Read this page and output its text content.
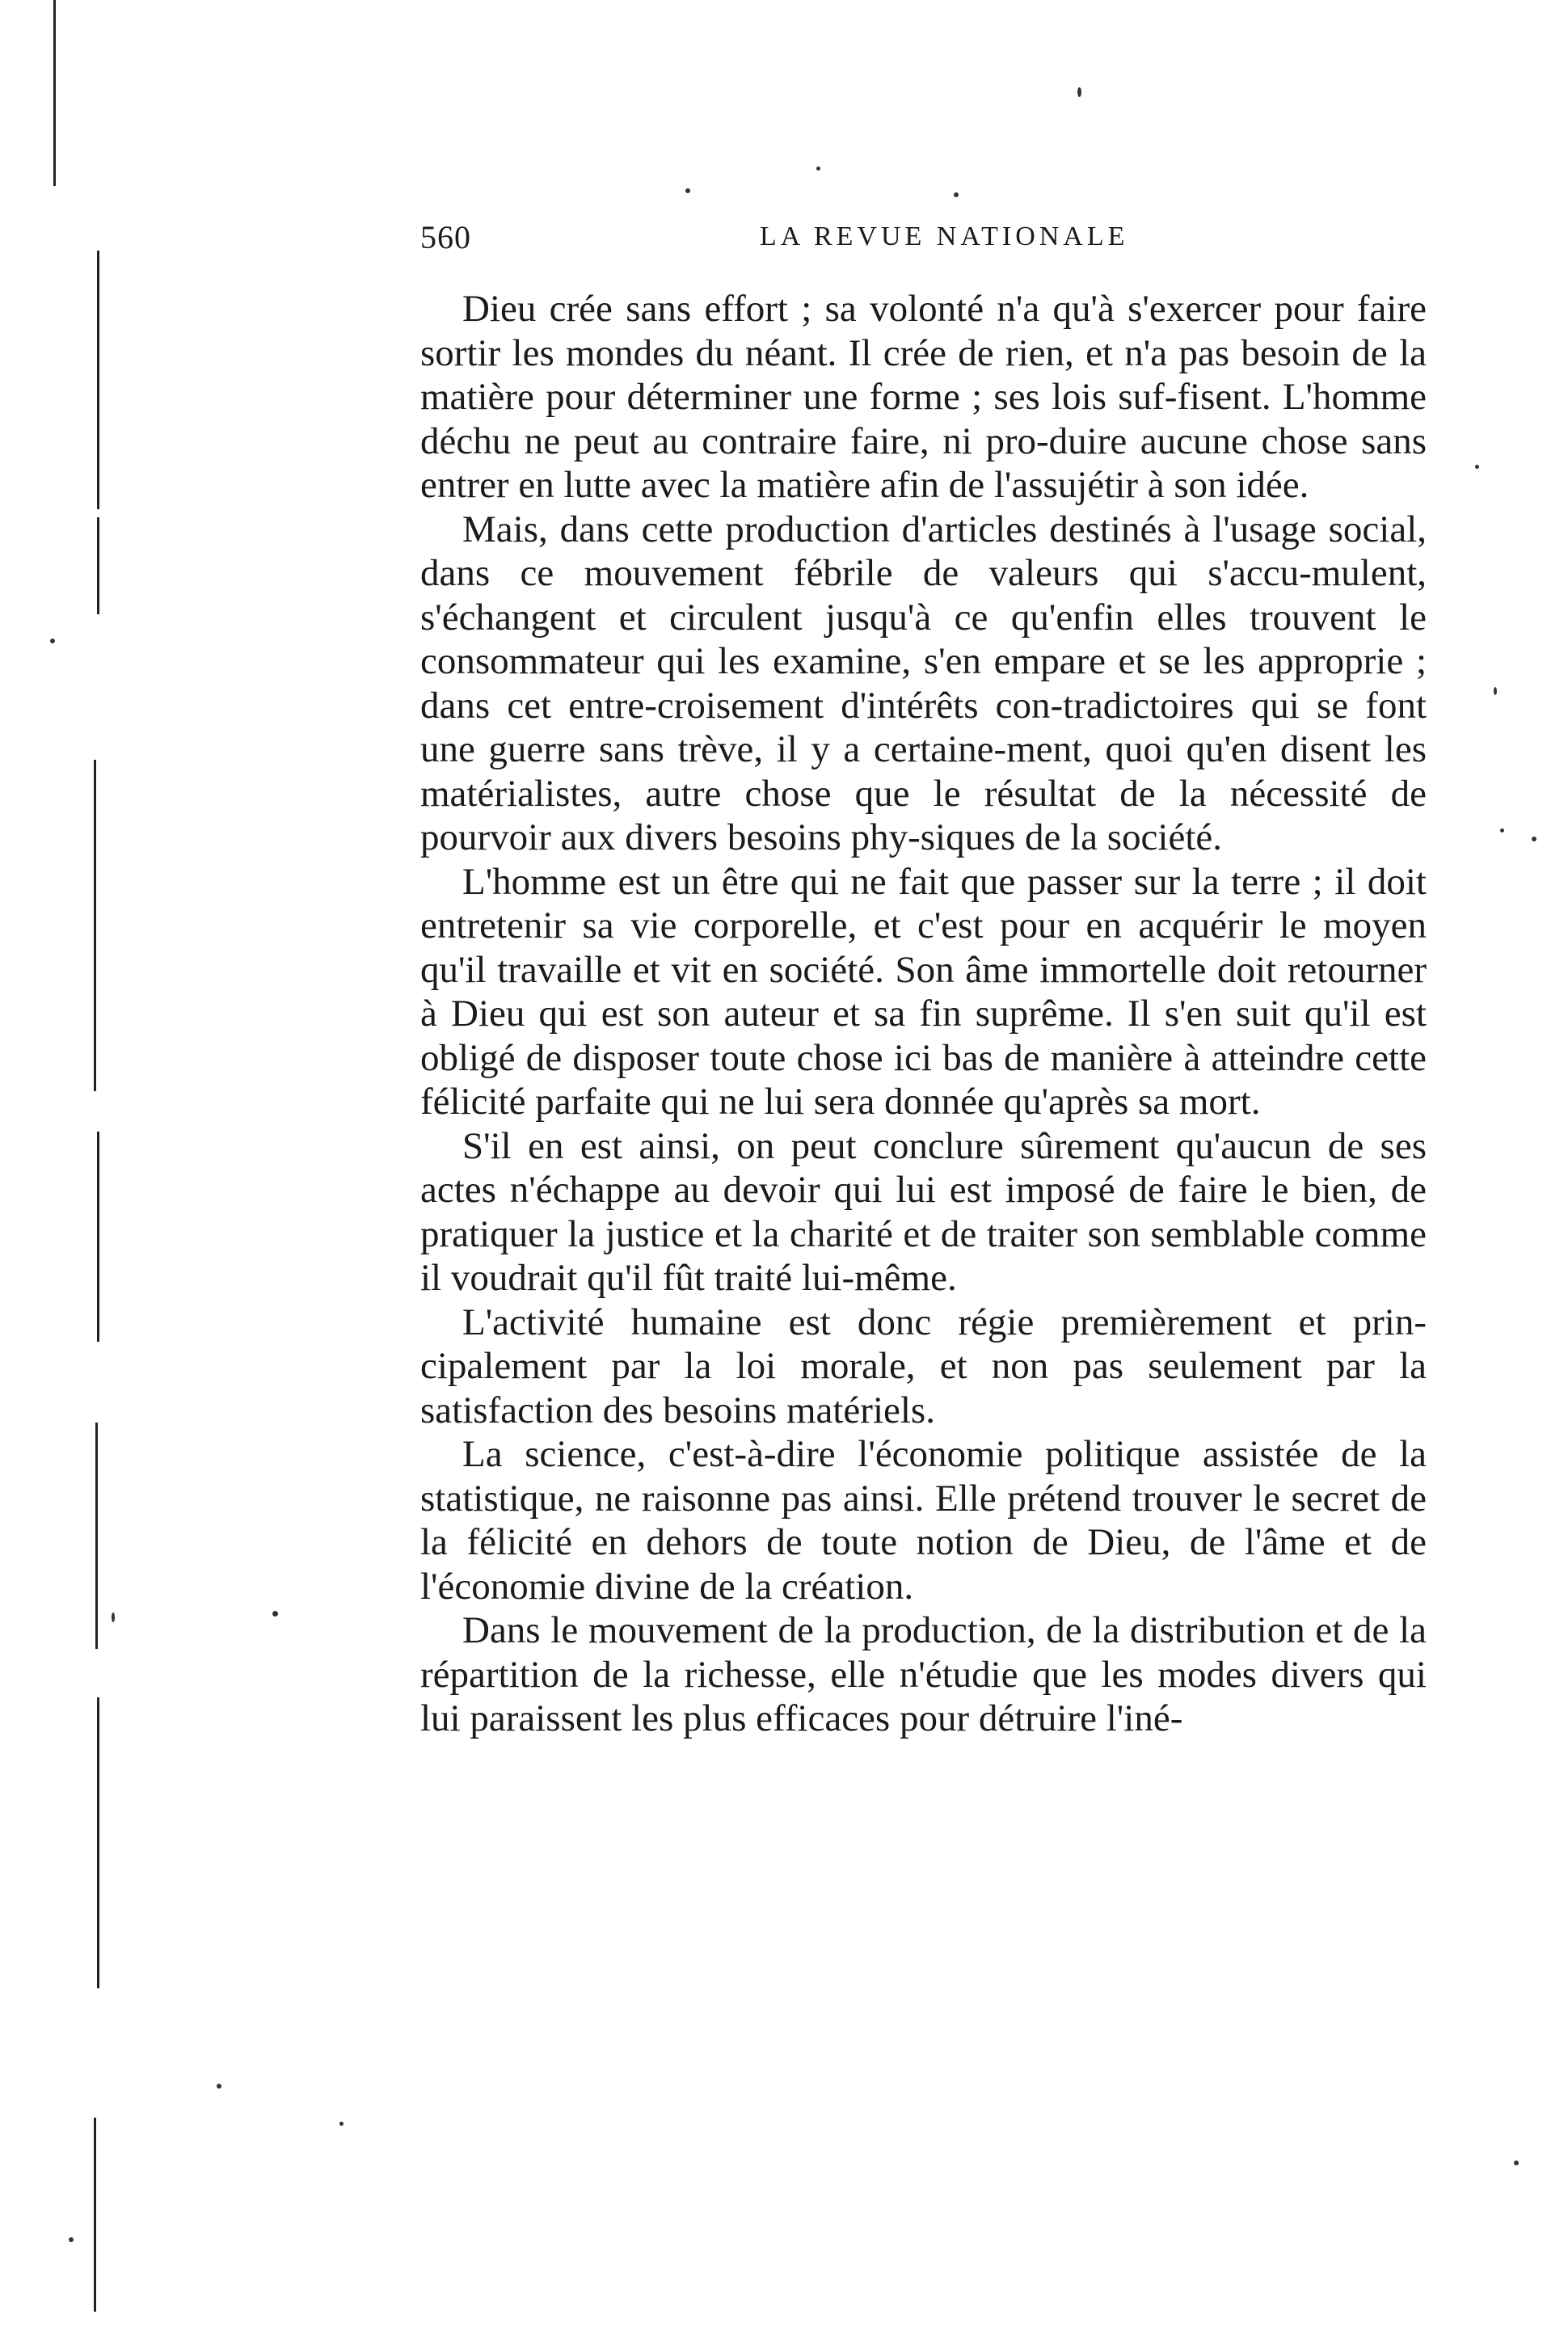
560	LA REVUE NATIONALE

Dieu crée sans effort ; sa volonté n'a qu'à s'exercer pour faire sortir les mondes du néant. Il crée de rien, et n'a pas besoin de la matière pour déterminer une forme ; ses lois suf-fisent. L'homme déchu ne peut au contraire faire, ni pro-duire aucune chose sans entrer en lutte avec la matière afin de l'assujétir à son idée.

Mais, dans cette production d'articles destinés à l'usage social, dans ce mouvement fébrile de valeurs qui s'accu-mulent, s'échangent et circulent jusqu'à ce qu'enfin elles trouvent le consommateur qui les examine, s'en empare et se les approprie ; dans cet entre-croisement d'intérêts con-tradictoires qui se font une guerre sans trève, il y a certaine-ment, quoi qu'en disent les matérialistes, autre chose que le résultat de la nécessité de pourvoir aux divers besoins phy-siques de la société.

L'homme est un être qui ne fait que passer sur la terre ; il doit entretenir sa vie corporelle, et c'est pour en acquérir le moyen qu'il travaille et vit en société. Son âme immortelle doit retourner à Dieu qui est son auteur et sa fin suprême. Il s'en suit qu'il est obligé de disposer toute chose ici bas de manière à atteindre cette félicité parfaite qui ne lui sera donnée qu'après sa mort.

S'il en est ainsi, on peut conclure sûrement qu'aucun de ses actes n'échappe au devoir qui lui est imposé de faire le bien, de pratiquer la justice et la charité et de traiter son semblable comme il voudrait qu'il fût traité lui-même.

L'activité humaine est donc régie premièrement et prin-cipalement par la loi morale, et non pas seulement par la satisfaction des besoins matériels.

La science, c'est-à-dire l'économie politique assistée de la statistique, ne raisonne pas ainsi. Elle prétend trouver le secret de la félicité en dehors de toute notion de Dieu, de l'âme et de l'économie divine de la création.

Dans le mouvement de la production, de la distribution et de la répartition de la richesse, elle n'étudie que les modes divers qui lui paraissent les plus efficaces pour détruire l'iné-
